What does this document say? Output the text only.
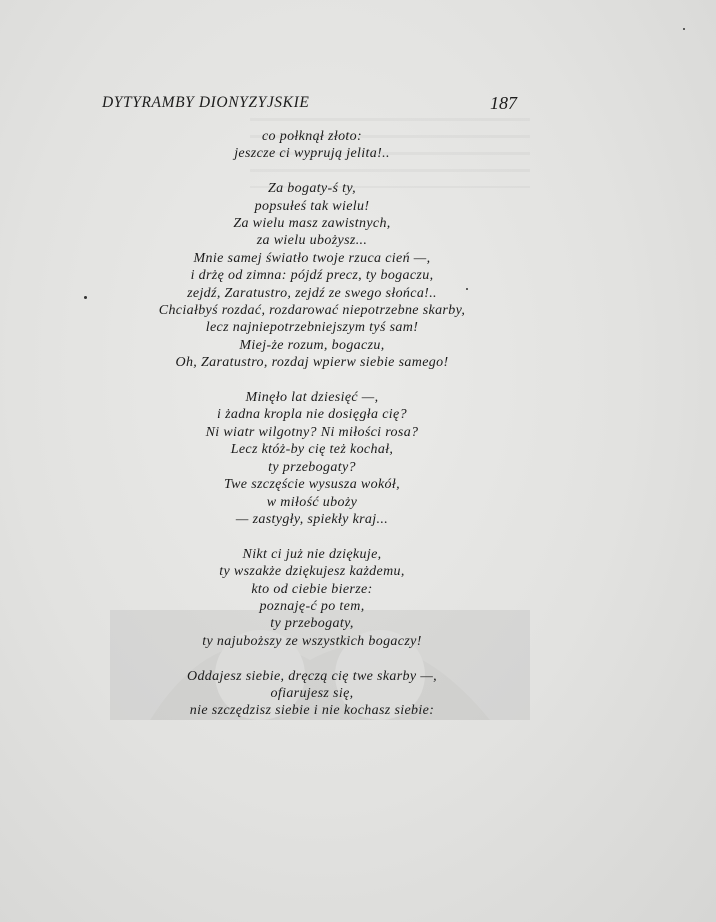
DYTYRAMBY DIONYZYJSKIE	187
co połknął złoto:
jeszcze ci wyprują jelita!..
Za bogaty-ś ty,
popsułeś tak wielu!
Za wielu masz zawistnych,
za wielu ubożysz...
Mnie samej światło twoje rzuca cień —,
i drżę od zimna: pójdź precz, ty bogaczu,
zejdź, Zaratustro, zejdź ze swego słońca!..
Chciałbyś rozdać, rozdarować niepotrzebne skarby,
lecz najniepotrzebniejszym tyś sam!
Miej-że rozum, bogaczu,
Oh, Zaratustro, rozdaj wpierw siebie samego!
Minęło lat dziesięć —,
i żadna kropla nie dosięgła cię?
Ni wiatr wilgotny? Ni miłości rosa?
Lecz któż-by cię też kochał,
ty przebogaty?
Twe szczęście wysusza wokół,
w miłość uboży
— zastygły, spiekły kraj...
Nikt ci już nie dziękuje,
ty wszakże dziękujesz każdemu,
kto od ciebie bierze:
poznaję-ć po tem,
ty przebogaty,
ty najuboższy ze wszystkich bogaczy!
Oddajesz siebie, dręczą cię twe skarby —,
ofiarujesz się,
nie szczędzisz siebie i nie kochasz siebie:
